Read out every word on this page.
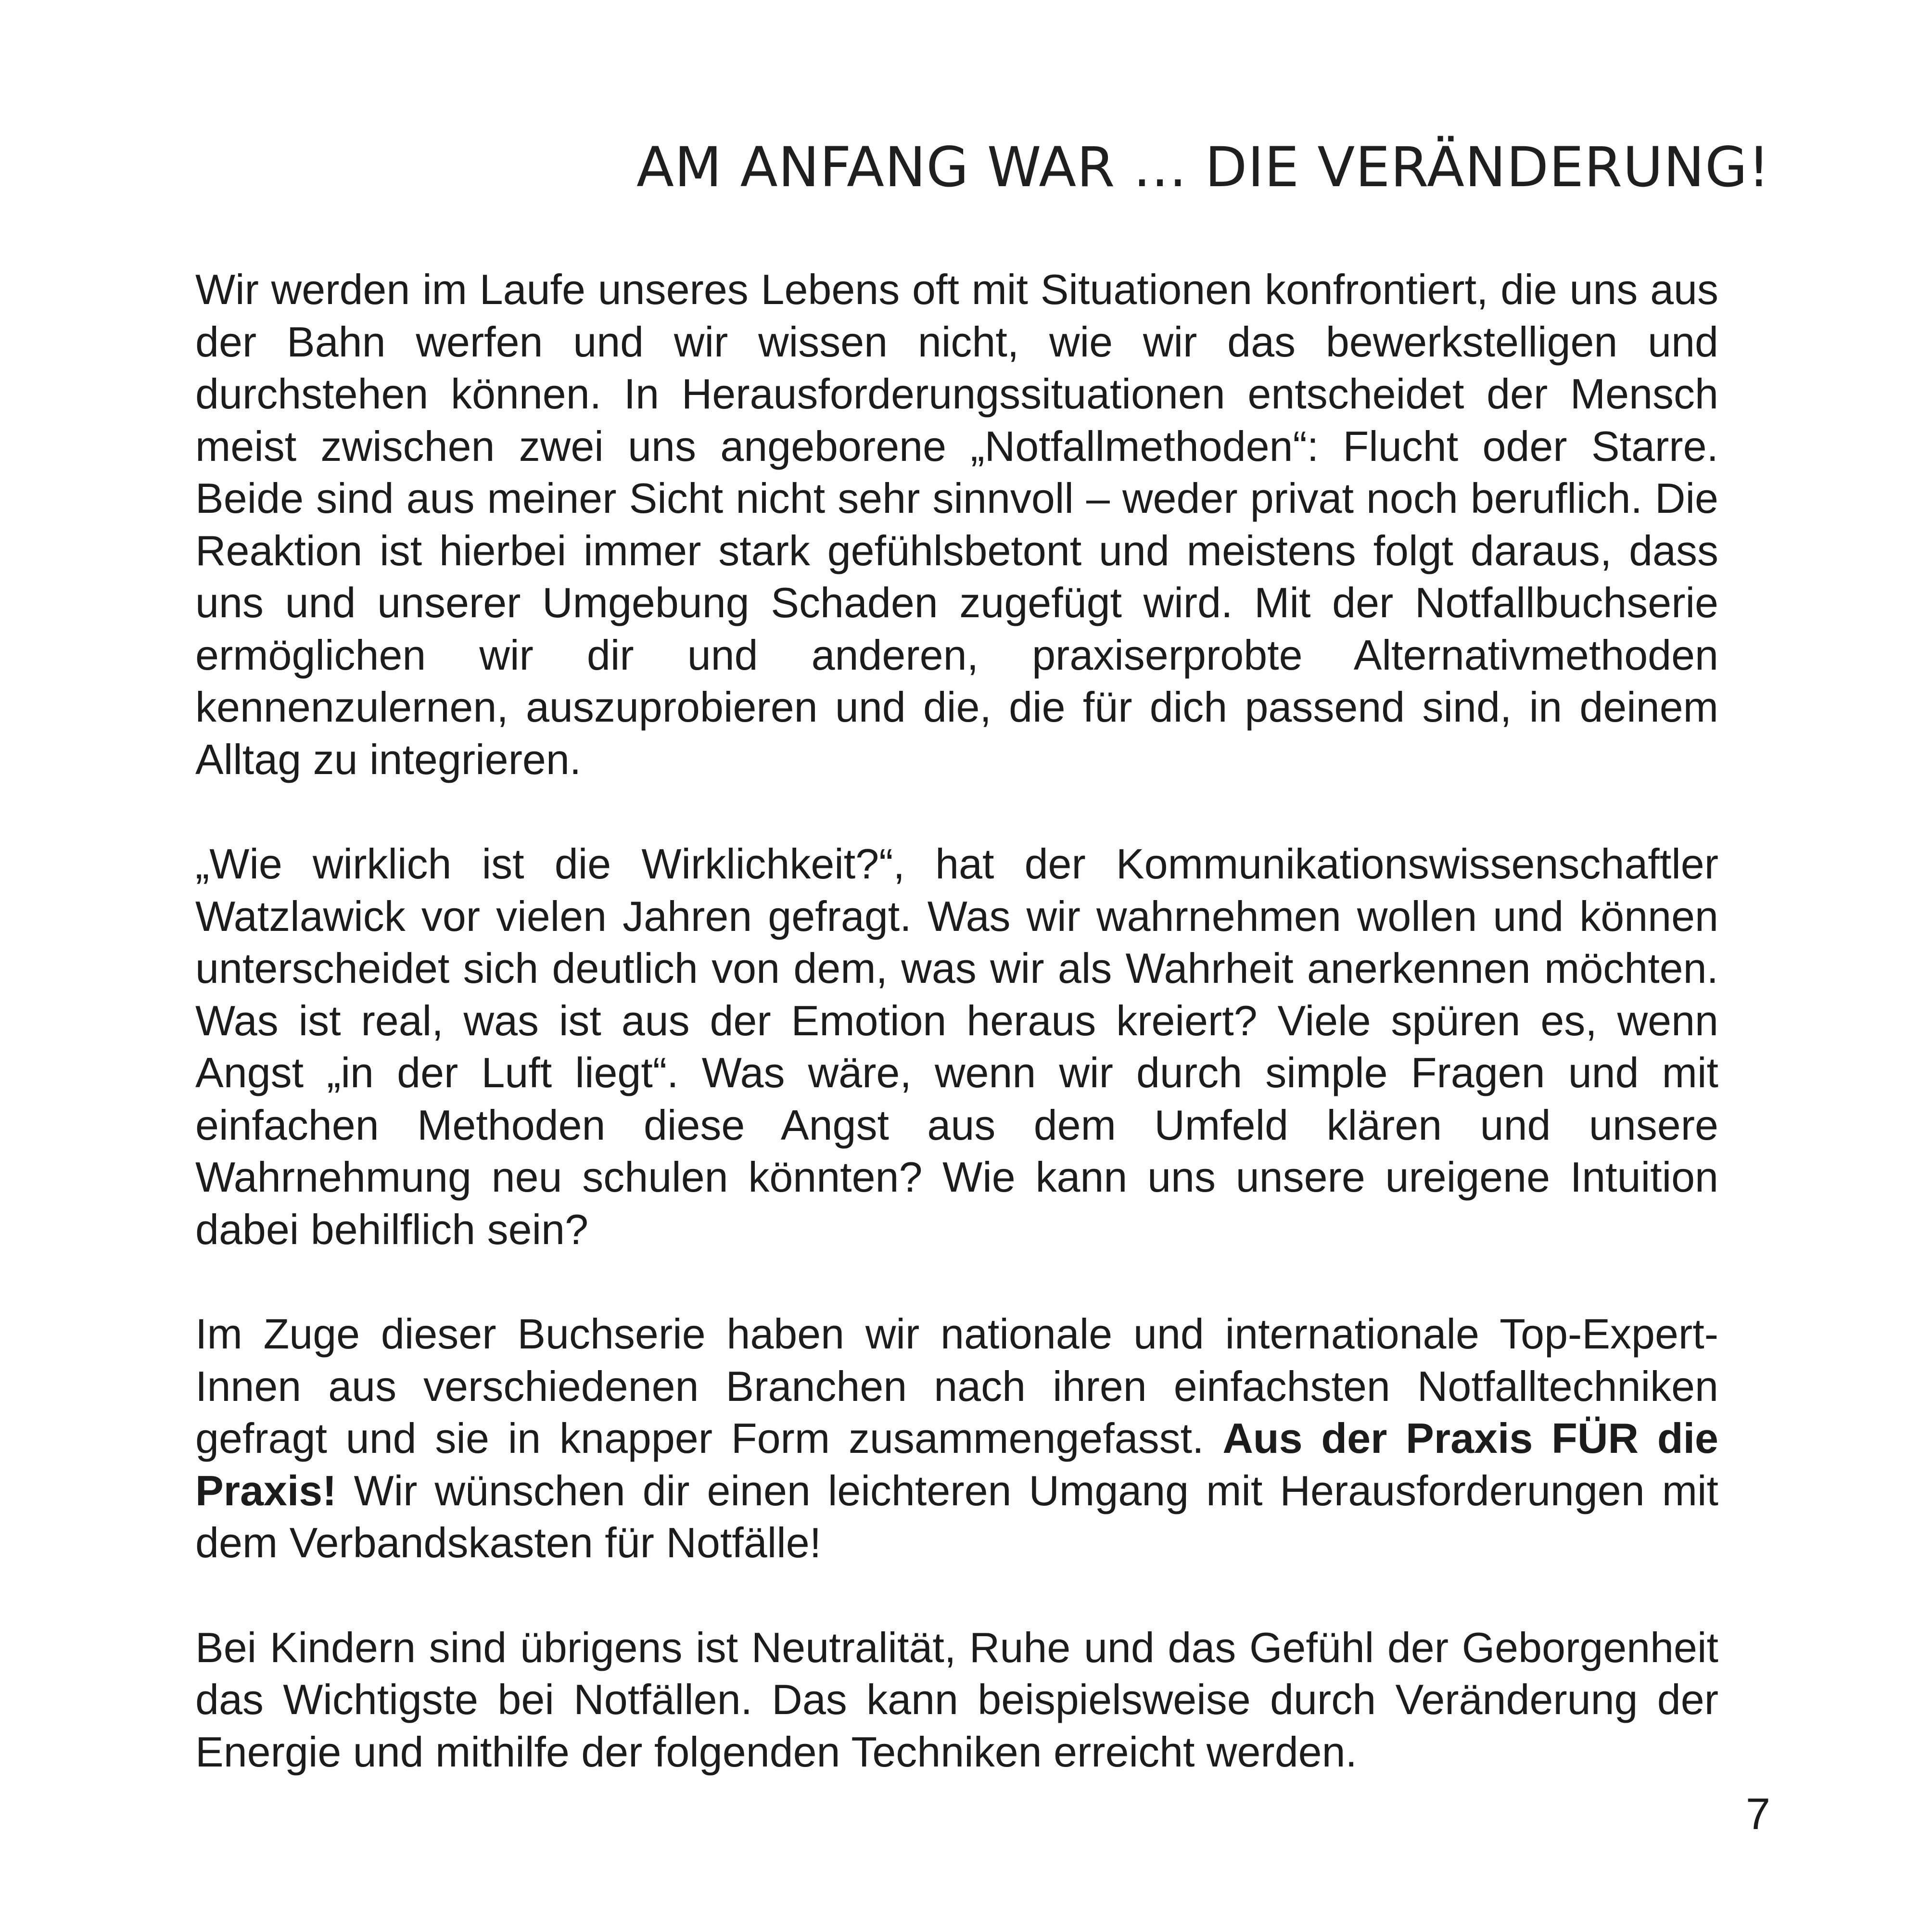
AM ANFANG WAR ... DIE VERÄNDERUNG!

Wir werden im Laufe unseres Lebens oft mit Situationen konfrontiert, die uns aus der Bahn werfen und wir wissen nicht, wie wir das bewerkstelligen und durchstehen können. In Herausforderungssituationen entscheidet der Mensch meist zwischen zwei uns angeborene „Notfallmethoden“: Flucht oder Starre. Beide sind aus meiner Sicht nicht sehr sinnvoll – weder privat noch beruflich. Die Reaktion ist hierbei immer stark gefühlsbetont und meistens folgt daraus, dass uns und unserer Umgebung Schaden zugefügt wird. Mit der Notfallbuchserie ermöglichen wir dir und anderen, praxiserprobte Alternativmethoden kennenzulernen, auszuprobieren und die, die für dich passend sind, in deinem Alltag zu integrieren.

„Wie wirklich ist die Wirklichkeit?“, hat der Kommunikationswissenschaftler Watzlawick vor vielen Jahren gefragt. Was wir wahrnehmen wollen und können unterscheidet sich deutlich von dem, was wir als Wahrheit anerkennen möchten. Was ist real, was ist aus der Emotion heraus kreiert? Viele spüren es, wenn Angst „in der Luft liegt“. Was wäre, wenn wir durch simple Fragen und mit einfachen Methoden diese Angst aus dem Umfeld klären und unsere Wahrnehmung neu schulen könnten? Wie kann uns unsere ureigene Intuition dabei behilflich sein?

Im Zuge dieser Buchserie haben wir nationale und internationale Top-ExpertInnen aus verschiedenen Branchen nach ihren einfachsten Notfalltechniken gefragt und sie in knapper Form zusammengefasst. Aus der Praxis FÜR die Praxis! Wir wünschen dir einen leichteren Umgang mit Herausforderungen mit dem Verbandskasten für Notfälle!

Bei Kindern sind übrigens ist Neutralität, Ruhe und das Gefühl der Geborgenheit das Wichtigste bei Notfällen. Das kann beispielsweise durch Veränderung der Energie und mithilfe der folgenden Techniken erreicht werden.

7
